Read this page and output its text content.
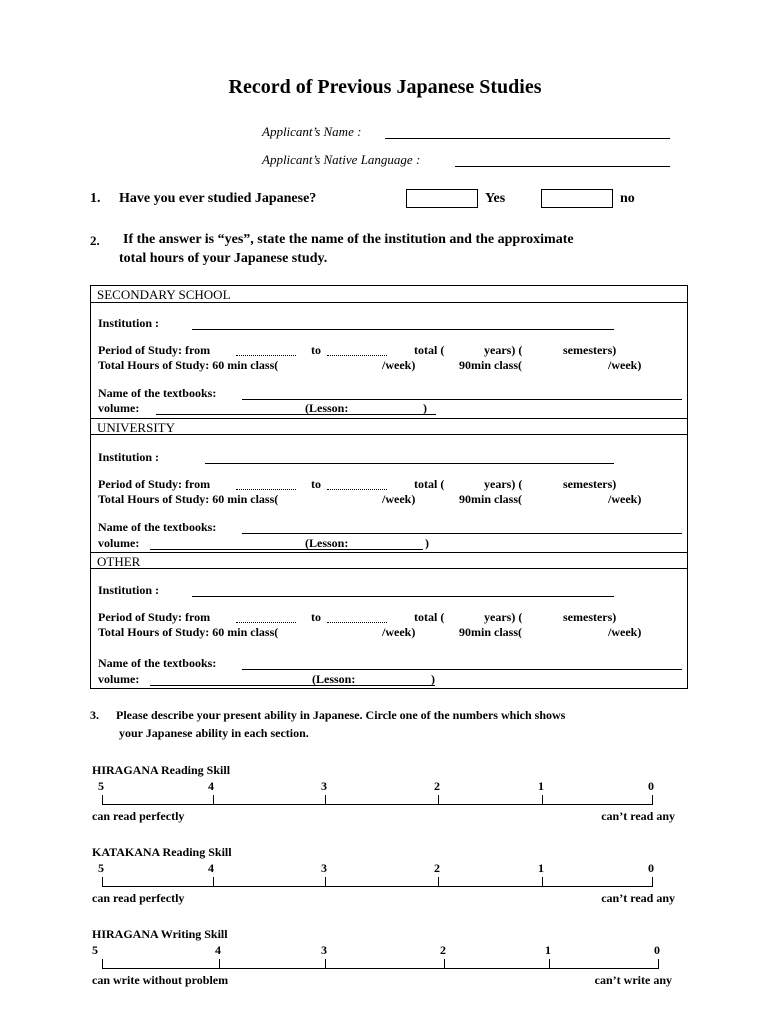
Record of Previous Japanese Studies
Applicant’s Name :
Applicant’s Native Language :
1. Have you ever studied Japanese?	Yes	no
2. If the answer is “yes”, state the name of the institution and the approximate
total hours of your Japanese study.
SECONDARY SCHOOL
Institution :
Period of Study: from	to	total (	years) (	semesters)
Total Hours of Study: 60 min class(	/week)	90min class(	/week)
Name of the textbooks:
volume:	(Lesson:	)
UNIVERSITY
Institution :
Period of Study: from	to	total (	years) (	semesters)
Total Hours of Study: 60 min class(	/week)	90min class(	/week)
Name of the textbooks:
volume:	(Lesson:	)
OTHER
Institution :
Period of Study: from	to	total (	years) (	semesters)
Total Hours of Study: 60 min class(	/week)	90min class(	/week)
Name of the textbooks:
volume:	(Lesson:	)
3. Please describe your present ability in Japanese. Circle one of the numbers which shows
your Japanese ability in each section.
HIRAGANA Reading Skill
5	4	3	2	1	0
can read perfectly	can’t read any
KATAKANA Reading Skill
5	4	3	2	1	0
can read perfectly	can’t read any
HIRAGANA Writing Skill
5	4	3	2	1	0
can write without problem	can’t write any
